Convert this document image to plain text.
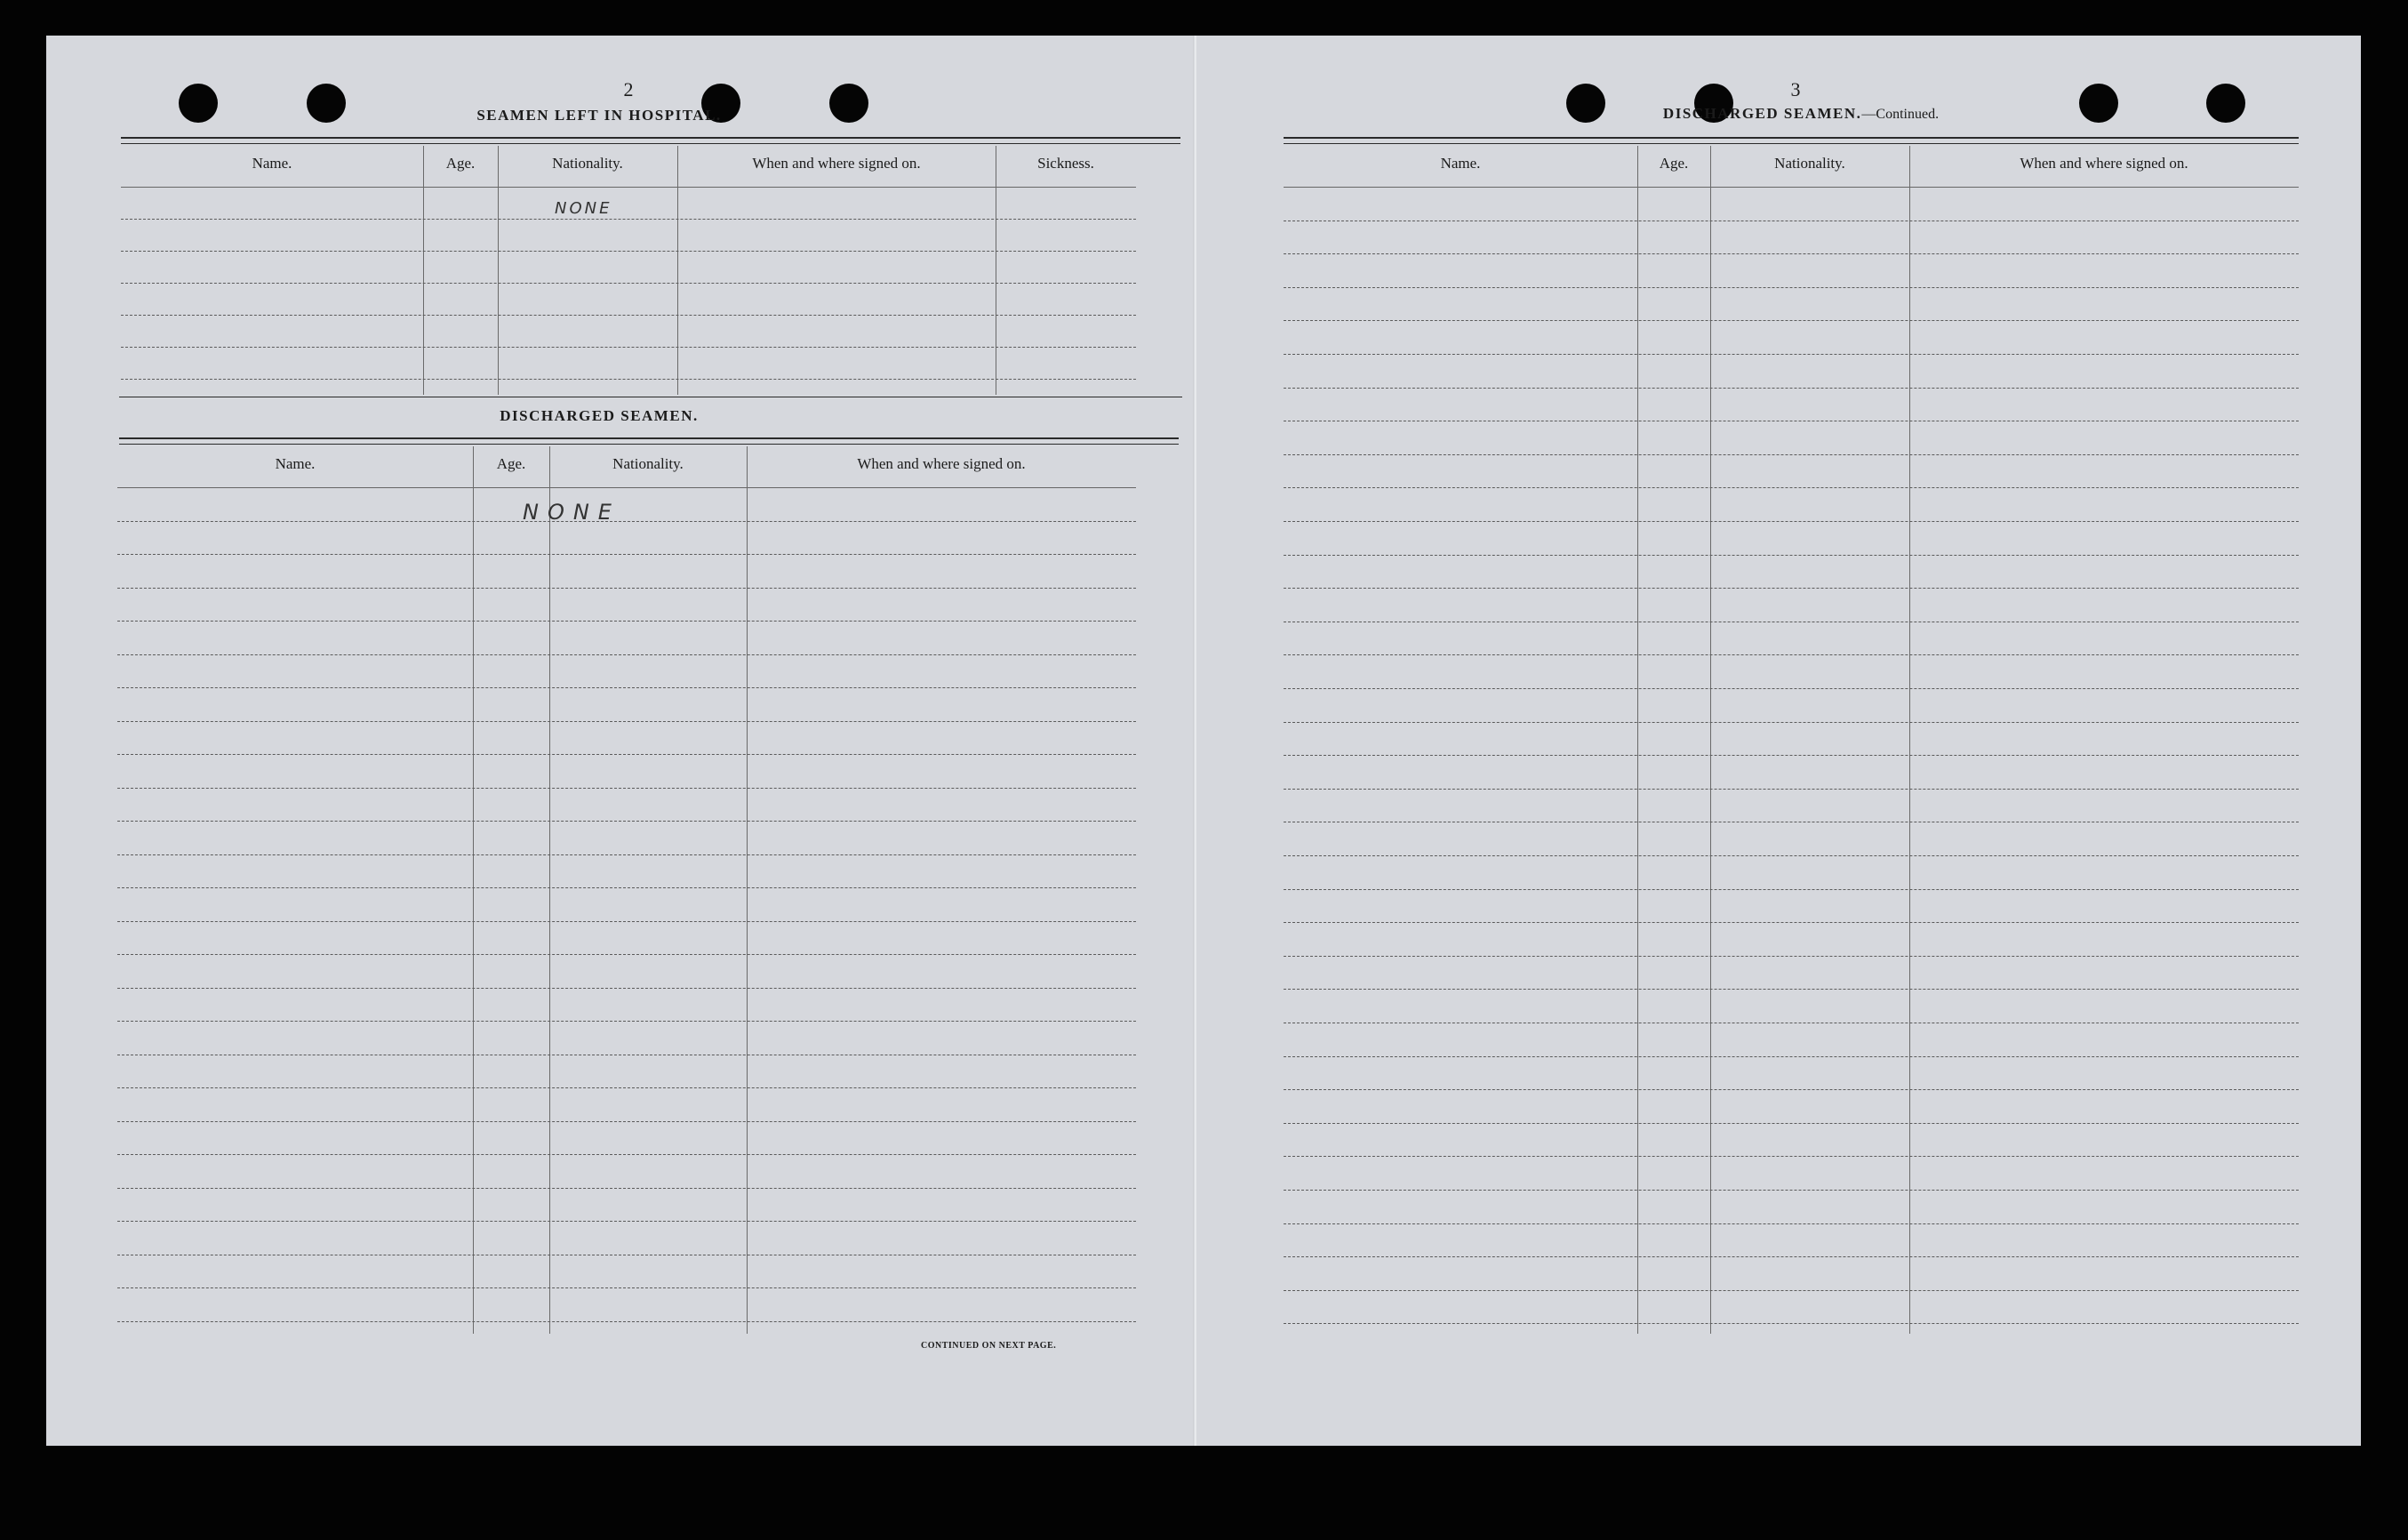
2
SEAMEN LEFT IN HOSPITAL.
Name.	Age.	Nationality.	When and where signed on.	Sickness.
NONE
DISCHARGED SEAMEN.
Name.	Age.	Nationality.	When and where signed on.
NONE
CONTINUED ON NEXT PAGE.
3
DISCHARGED SEAMEN.—Continued.
Name.	Age.	Nationality.	When and where signed on.
